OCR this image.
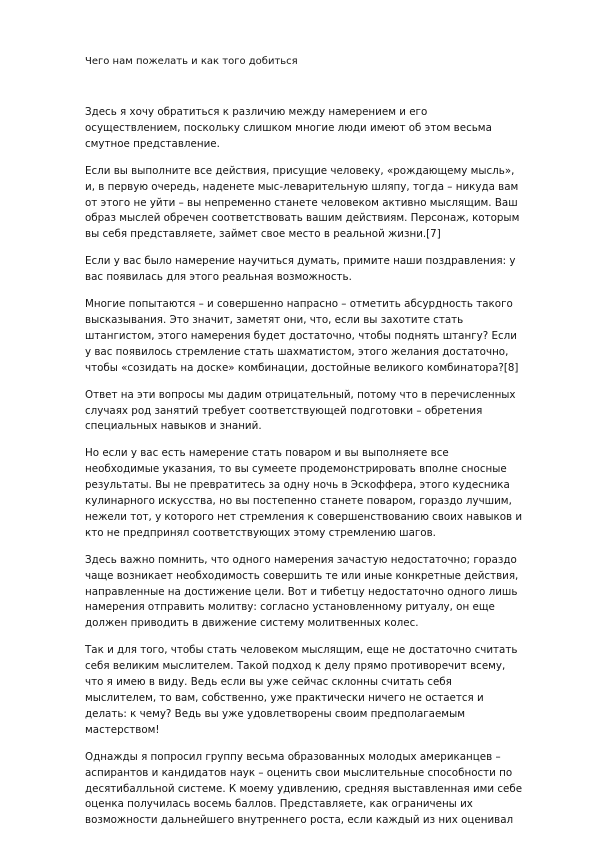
Чего нам пожелать и как того добиться

Здесь я хочу обратиться к различию между намерением и его
осуществлением, поскольку слишком многие люди имеют об этом весьма
смутное представление.

Если вы выполните все действия, присущие человеку, «рождающему мысль»,
и, в первую очередь, наденете мыс-леварительную шляпу, тогда – никуда вам
от этого не уйти – вы непременно станете человеком активно мыслящим. Ваш
образ мыслей обречен соответствовать вашим действиям. Персонаж, которым
вы себя представляете, займет свое место в реальной жизни.[7]

Если у вас было намерение научиться думать, примите наши поздравления: у
вас появилась для этого реальная возможность.

Многие попытаются – и совершенно напрасно – отметить абсурдность такого
высказывания. Это значит, заметят они, что, если вы захотите стать
штангистом, этого намерения будет достаточно, чтобы поднять штангу? Если
у вас появилось стремление стать шахматистом, этого желания достаточно,
чтобы «созидать на доске» комбинации, достойные великого комбинатора?[8]

Ответ на эти вопросы мы дадим отрицательный, потому что в перечисленных
случаях род занятий требует соответствующей подготовки – обретения
специальных навыков и знаний.

Но если у вас есть намерение стать поваром и вы выполняете все
необходимые указания, то вы сумеете продемонстрировать вполне сносные
результаты. Вы не превратитесь за одну ночь в Эскоффера, этого кудесника
кулинарного искусства, но вы постепенно станете поваром, гораздо лучшим,
нежели тот, у которого нет стремления к совершенствованию своих навыков и
кто не предпринял соответствующих этому стремлению шагов.

Здесь важно помнить, что одного намерения зачастую недостаточно; гораздо
чаще возникает необходимость совершить те или иные конкретные действия,
направленные на достижение цели. Вот и тибетцу недостаточно одного лишь
намерения отправить молитву: согласно установленному ритуалу, он еще
должен приводить в движение систему молитвенных колес.

Так и для того, чтобы стать человеком мыслящим, еще не достаточно считать
себя великим мыслителем. Такой подход к делу прямо противоречит всему,
что я имею в виду. Ведь если вы уже сейчас склонны считать себя
мыслителем, то вам, собственно, уже практически ничего не остается и
делать: к чему? Ведь вы уже удовлетворены своим предполагаемым
мастерством!

Однажды я попросил группу весьма образованных молодых американцев –
аспирантов и кандидатов наук – оценить свои мыслительные способности по
десятибалльной системе. К моему удивлению, средняя выставленная ими себе
оценка получилась восемь баллов. Представляете, как ограничены их
возможности дальнейшего внутреннего роста, если каждый из них оценивал
